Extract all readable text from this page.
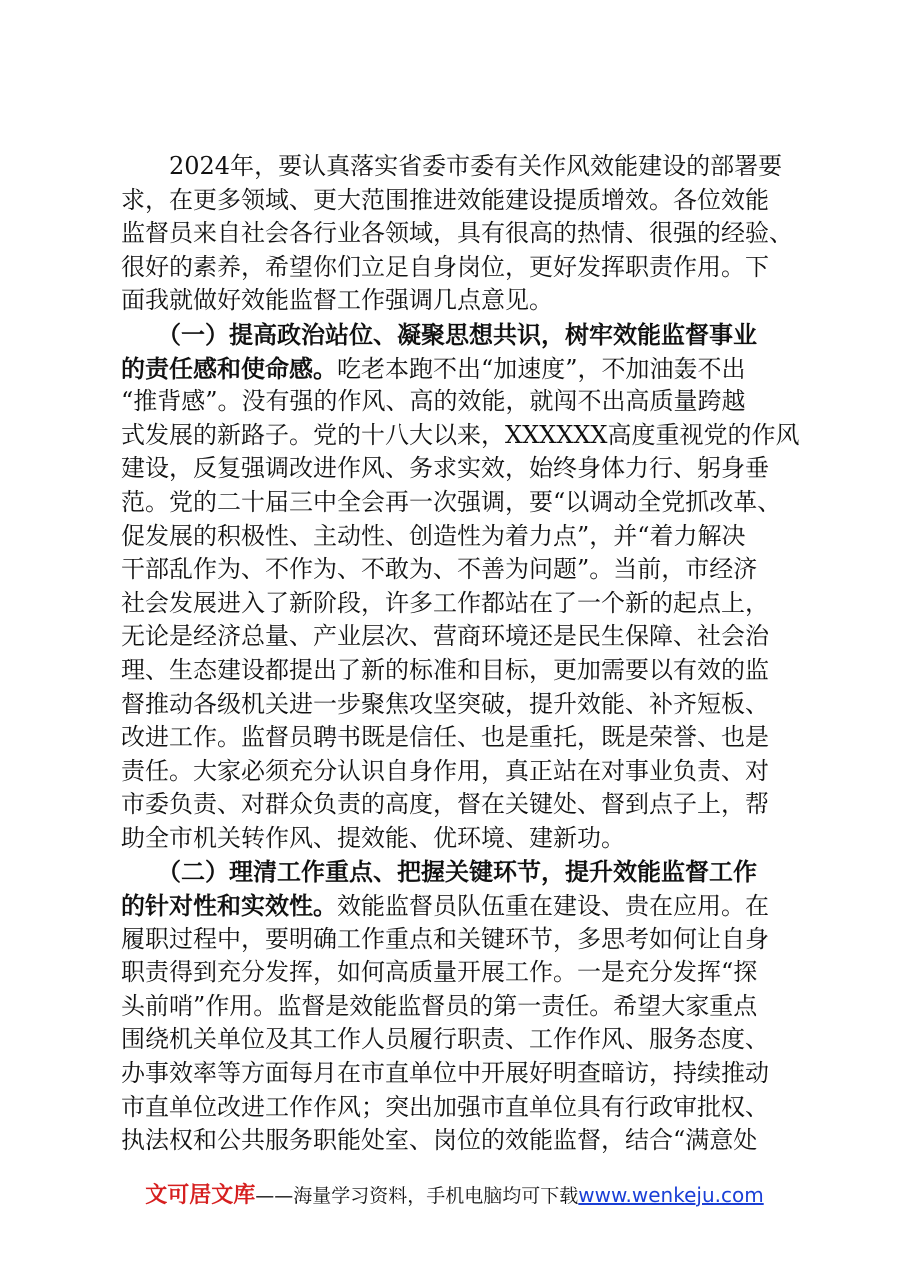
　　2024年，要认真落实省委市委有关作风效能建设的部署要
求，在更多领域、更大范围推进效能建设提质增效。各位效能
监督员来自社会各行业各领域，具有很高的热情、很强的经验、
很好的素养，希望你们立足自身岗位，更好发挥职责作用。下
面我就做好效能监督工作强调几点意见。
　　（一）提高政治站位、凝聚思想共识，树牢效能监督事业
的责任感和使命感。吃老本跑不出“加速度”，不加油轰不出
“推背感”。没有强的作风、高的效能，就闯不出高质量跨越
式发展的新路子。党的十八大以来，XXXXXX高度重视党的作风
建设，反复强调改进作风、务求实效，始终身体力行、躬身垂
范。党的二十届三中全会再一次强调，要“以调动全党抓改革、
促发展的积极性、主动性、创造性为着力点”，并“着力解决
干部乱作为、不作为、不敢为、不善为问题”。当前，市经济
社会发展进入了新阶段，许多工作都站在了一个新的起点上，
无论是经济总量、产业层次、营商环境还是民生保障、社会治
理、生态建设都提出了新的标准和目标，更加需要以有效的监
督推动各级机关进一步聚焦攻坚突破，提升效能、补齐短板、
改进工作。监督员聘书既是信任、也是重托，既是荣誉、也是
责任。大家必须充分认识自身作用，真正站在对事业负责、对
市委负责、对群众负责的高度，督在关键处、督到点子上，帮
助全市机关转作风、提效能、优环境、建新功。
　　（二）理清工作重点、把握关键环节，提升效能监督工作
的针对性和实效性。效能监督员队伍重在建设、贵在应用。在
履职过程中，要明确工作重点和关键环节，多思考如何让自身
职责得到充分发挥，如何高质量开展工作。一是充分发挥“探
头前哨”作用。监督是效能监督员的第一责任。希望大家重点
围绕机关单位及其工作人员履行职责、工作作风、服务态度、
办事效率等方面每月在市直单位中开展好明查暗访，持续推动
市直单位改进工作作风；突出加强市直单位具有行政审批权、
执法权和公共服务职能处室、岗位的效能监督，结合“满意处
文可居文库——海量学习资料，手机电脑均可下载www.wenkeju.com
